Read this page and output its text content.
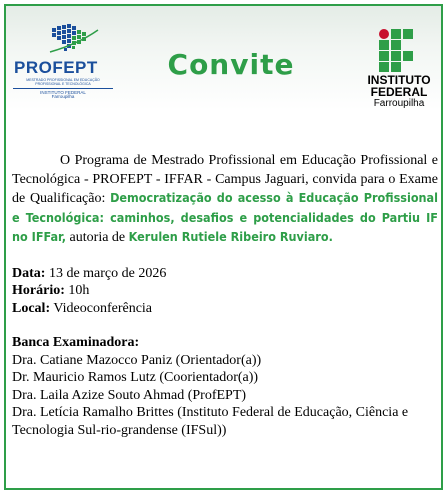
PROFEPT
MESTRADO PROFISSIONAL EM EDUCAÇÃO PROFISSIONAL E TECNOLÓGICA
INSTITUTO FEDERAL
Farroupilha
Convite	INSTITUTO
FEDERAL
Farroupilha

O Programa de Mestrado Profissional em Educação Profissional e Tecnológica - PROFEPT - IFFAR - Campus Jaguari, convida para o Exame de Qualificação: Democratização do acesso à Educação Profissional e Tecnológica: caminhos, desafios e potencialidades do Partiu IF no IFFar, autoria de Kerulen Rutiele Ribeiro Ruviaro.

Data: 13 de março de 2026
Horário: 10h
Local: Videoconferência
Banca Examinadora:
Dra. Catiane Mazocco Paniz (Orientador(a))
Dr. Mauricio Ramos Lutz (Coorientador(a))
Dra. Laila Azize Souto Ahmad (ProfEPT)
Dra. Letícia Ramalho Brittes (Instituto Federal de Educação, Ciência e Tecnologia Sul-rio-grandense (IFSul))
